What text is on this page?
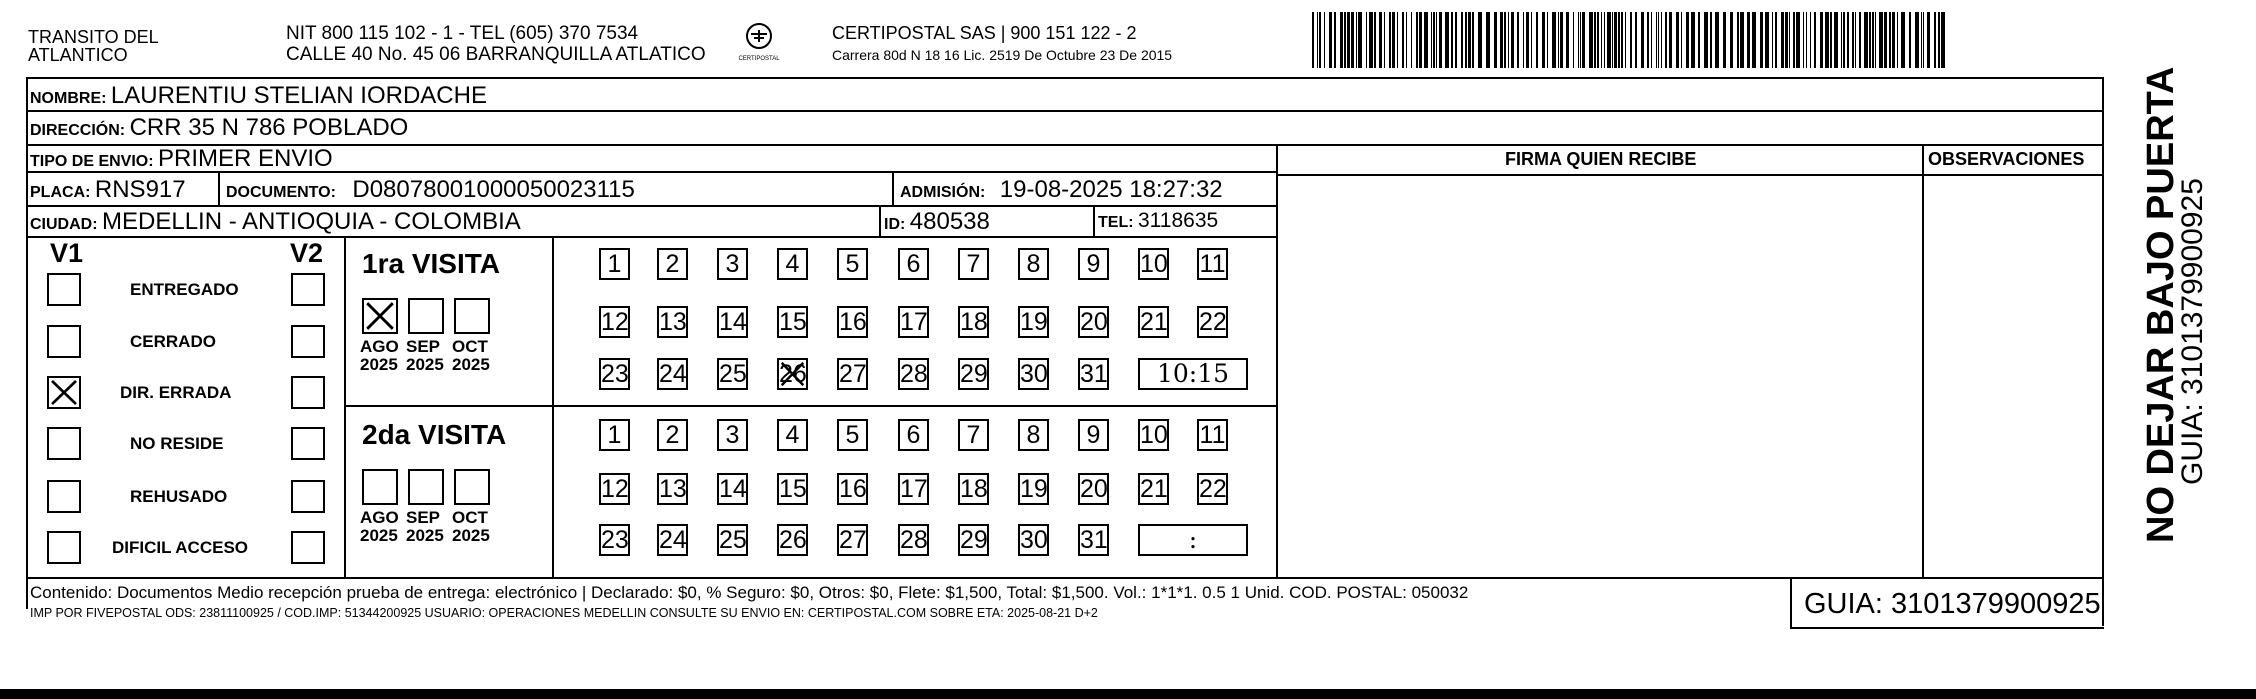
TRANSITO DEL
ATLANTICO
NIT 800 115 102 - 1 - TEL (605) 370 7534
CALLE 40 No. 45 06 BARRANQUILLA ATLATICO	CERTIPOSTAL
CERTIPOSTAL SAS | 900 151 122 - 2
Carrera 80d N 18 16 Lic. 2519 De Octubre 23 De 2015
NOMBRE: LAURENTIU STELIAN IORDACHE
DIRECCIÓN: CRR 35 N 786 POBLADO
TIPO DE ENVIO: PRIMER ENVIO
PLACA: RNS917	DOCUMENTO: D0807800100005002311​5	ADMISIÓN: 19-08-2025 18:27:32
CIUDAD: MEDELLIN - ANTIOQUIA - COLOMBIA	ID: 480538	TEL: 3118635
FIRMA QUIEN RECIBE	OBSERVACIONES
V1	V2
ENTREGADO
CERRADO
DIR. ERRADA
NO RESIDE
REHUSADO
DIFICIL ACCESO
1ra VISITA
AGO
2025
SEP
2025
OCT
2025
1	2	3	4	5	6	7	8	9	10 11
12 13 14 15 16 17 18 19 20 21 22
23 24 25 26 27 28 29 30 31	10:15
2da VISITA
AGO
2025
SEP
2025
OCT
2025
1	2	3	4	5	6	7	8	9	10 11
12 13 14 15 16 17 18 19 20 21 22
23 24 25 26 27 28 29 30 31	:	NO DEJAR BAJO PUERTA
GUIA: 3101379900925
Contenido: Documentos Medio recepción prueba de entrega: electrónico | Declarado: $0, % Seguro: $0, Otros: $0, Flete: $1,500, Total: $1,500. Vol.: 1*1*1. 0.5 1 Unid. COD. POSTAL: 050032
IMP POR FIVEPOSTAL ODS: 23811100925 / COD.IMP: 51344200925 USUARIO: OPERACIONES MEDELLIN CONSULTE SU ENVIO EN: CERTIPOSTAL.COM SOBRE ETA: 2025-08-21 D+2	GUIA: 3101379900925
